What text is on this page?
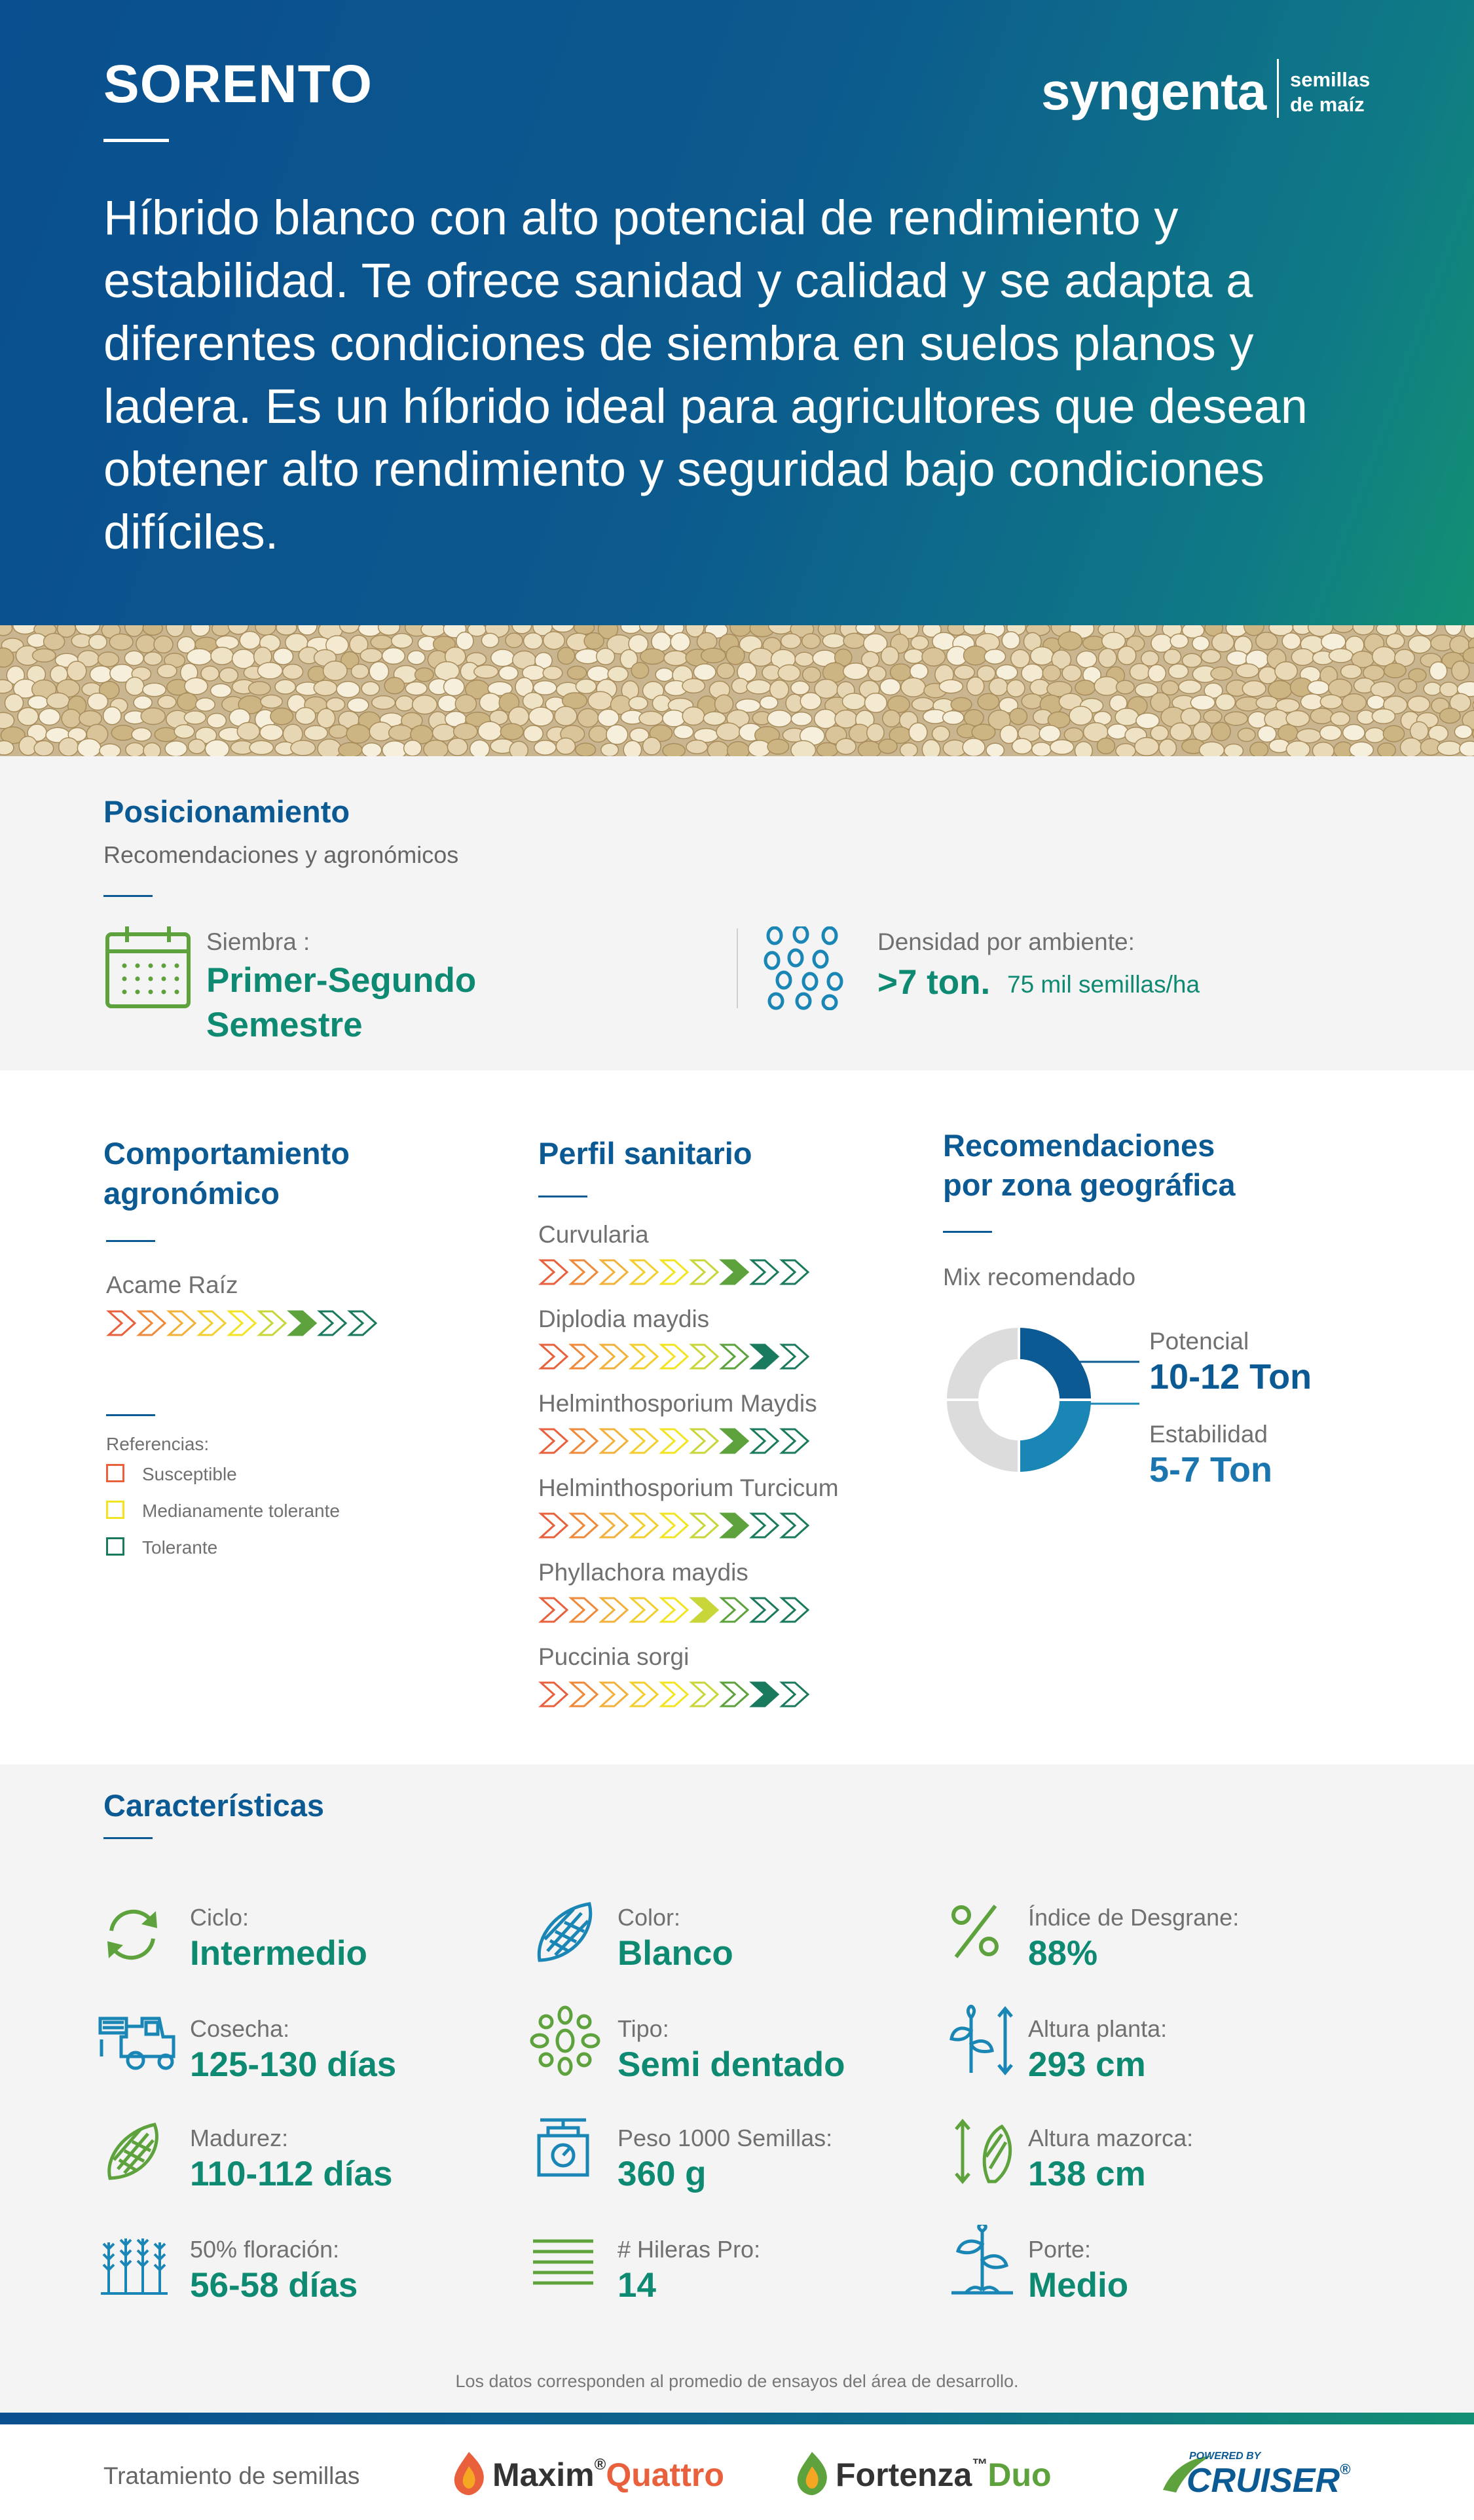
SORENTO	syngenta semillas
de maíz
Híbrido blanco con alto potencial de rendimiento y estabilidad. Te ofrece sanidad y calidad y se adapta a diferentes condiciones de siembra en suelos planos y ladera. Es un híbrido ideal para agricultores que desean obtener alto rendimiento y seguridad bajo condiciones difíciles.
Posicionamiento
Recomendaciones y agronómicos
Siembra :
Primer-Segundo
Semestre
Densidad por ambiente:
>7 ton. 75 mil semillas/ha
Comportamiento
agronómico
Acame Raíz
Referencias:
Susceptible
Medianamente tolerante
Tolerante
Perfil sanitario
Curvularia
Diplodia maydis
Helminthosporium Maydis
Helminthosporium Turcicum
Phyllachora maydis
Puccinia sorgi
Recomendaciones
por zona geográfica
Mix recomendado
Potencial
10-12 Ton
Estabilidad
5-7 Ton
Características
Ciclo:
Intermedio
Cosecha:
125-130 días
Madurez:
110-112 días
50% floración:
56-58 días
Color:
Blanco
Tipo:
Semi dentado
Peso 1000 Semillas:
360 g
# Hileras Pro:
14
Índice de Desgrane:
88%
Altura planta:
293 cm
Altura mazorca:
138 cm
Porte:
Medio
Los datos corresponden al promedio de ensayos del área de desarrollo.
Tratamiento de semillas	Maxim®Quattro	Fortenza™Duo
POWERED BY
CRUISER®
